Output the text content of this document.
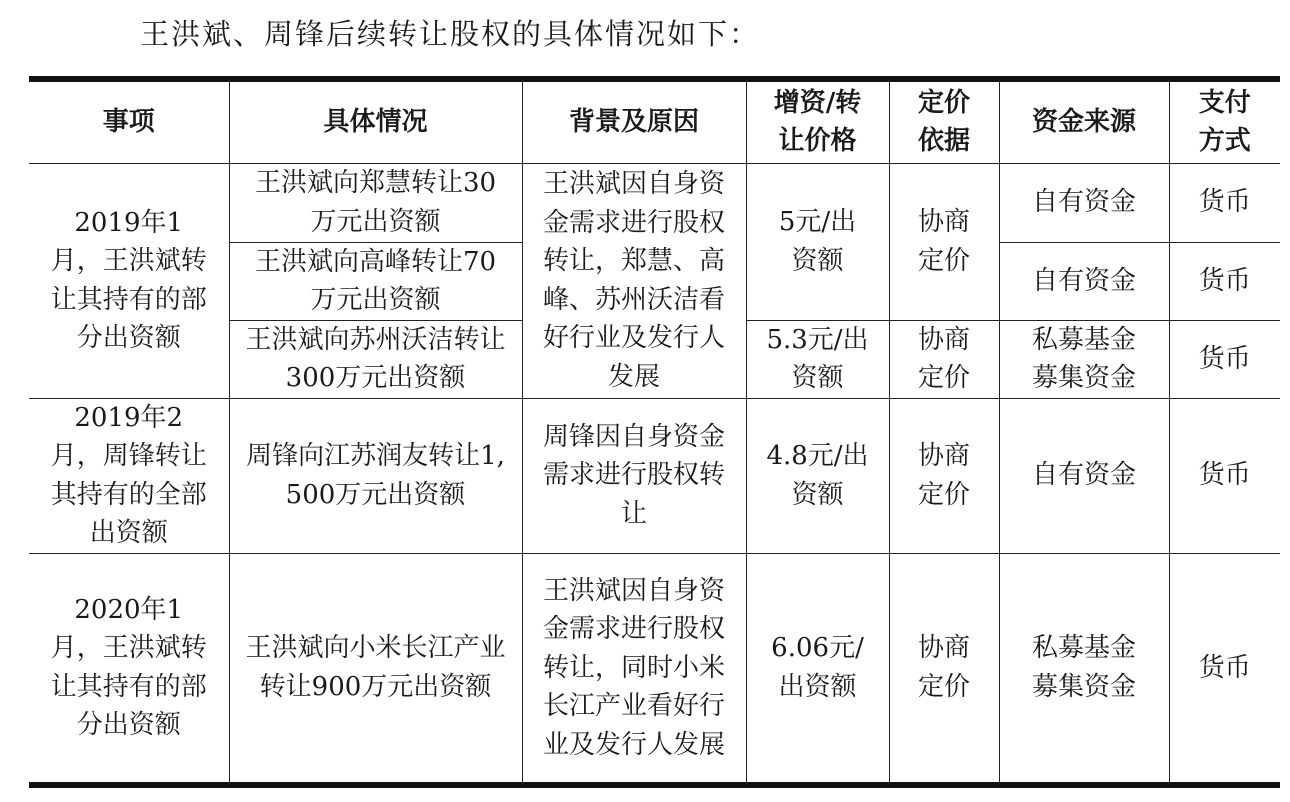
王洪斌、周锋后续转让股权的具体情况如下：
事项	具体情况	背景及原因	增资/转让价格	定价依据	资金来源	支付方式
2019年1月，王洪斌转让其持有的部分出资额	王洪斌向郑慧转让30万元出资额	王洪斌因自身资金需求进行股权转让，郑慧、高峰、苏州沃洁看好行业及发行人发展	5元/出资额	协商定价	自有资金	货币
	王洪斌向高峰转让70万元出资额				自有资金	货币
	王洪斌向苏州沃洁转让300万元出资额		5.3元/出资额	协商定价	私募基金募集资金	货币
2019年2月，周锋转让其持有的全部出资额	周锋向江苏润友转让1,500万元出资额	周锋因自身资金需求进行股权转让	4.8元/出资额	协商定价	自有资金	货币
2020年1月，王洪斌转让其持有的部分出资额	王洪斌向小米长江产业转让900万元出资额	王洪斌因自身资金需求进行股权转让，同时小米长江产业看好行业及发行人发展	6.06元/出资额	协商定价	私募基金募集资金	货币
